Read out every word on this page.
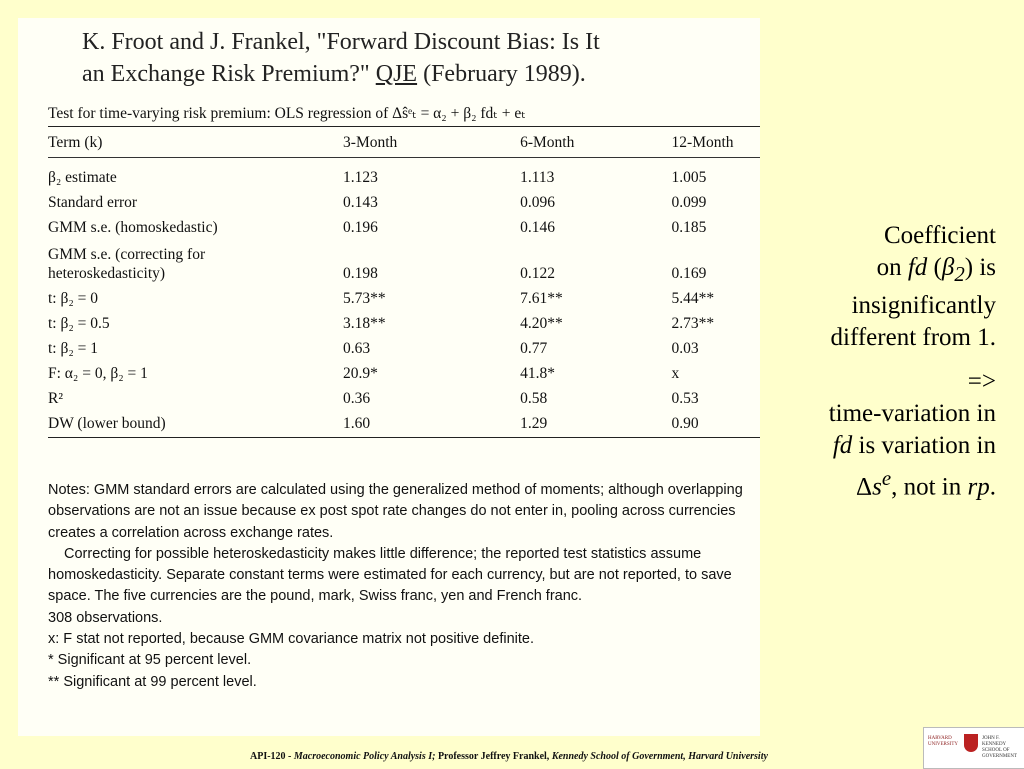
K. Froot and J. Frankel, "Forward Discount Bias: Is It
an Exchange Risk Premium?" QJE (February 1989).
Test for time-varying risk premium: OLS regression of Δŝᵉₜ = α₂ + β₂ fdₜ + eₜ
Term (k)	3-Month	6-Month	12-Month
β₂ estimate	1.123	1.113	1.005
Standard error	0.143	0.096	0.099
GMM s.e. (homoskedastic)	0.196	0.146	0.185
GMM s.e. (correcting for
heteroskedasticity)	0.198	0.122	0.169
t: β₂ = 0	5.73**	7.61**	5.44**
t: β₂ = 0.5	3.18**	4.20**	2.73**
t: β₂ = 1	0.63	0.77	0.03
F: α₂ = 0, β₂ = 1	20.9*	41.8*	x
R²	0.36	0.58	0.53
DW (lower bound)	1.60	1.29	0.90

Notes: GMM standard errors are calculated using the generalized method of moments; although overlapping observations are not an issue because ex post spot rate changes do not enter in, pooling across currencies creates a correlation across exchange rates.

Correcting for possible heteroskedasticity makes little difference; the reported test statistics assume homoskedasticity. Separate constant terms were estimated for each currency, but are not reported, to save space. The five currencies are the pound, mark, Swiss franc, yen and French franc.

308 observations.

x: F stat not reported, because GMM covariance matrix not positive definite.

* Significant at 95 percent level.

** Significant at 99 percent level.

Coefficient
on fd $(\beta_2)$ is
insignificantly
different from 1.

=>
time-variation in
fd is variation in
$\Delta s^e$, not in rp.

API-120 - Macroeconomic Policy Analysis I; Professor Jeffrey Frankel, Kennedy School of Government, Harvard University
HARVARD UNIVERSITY
JOHN F. KENNEDY SCHOOL OF GOVERNMENT
